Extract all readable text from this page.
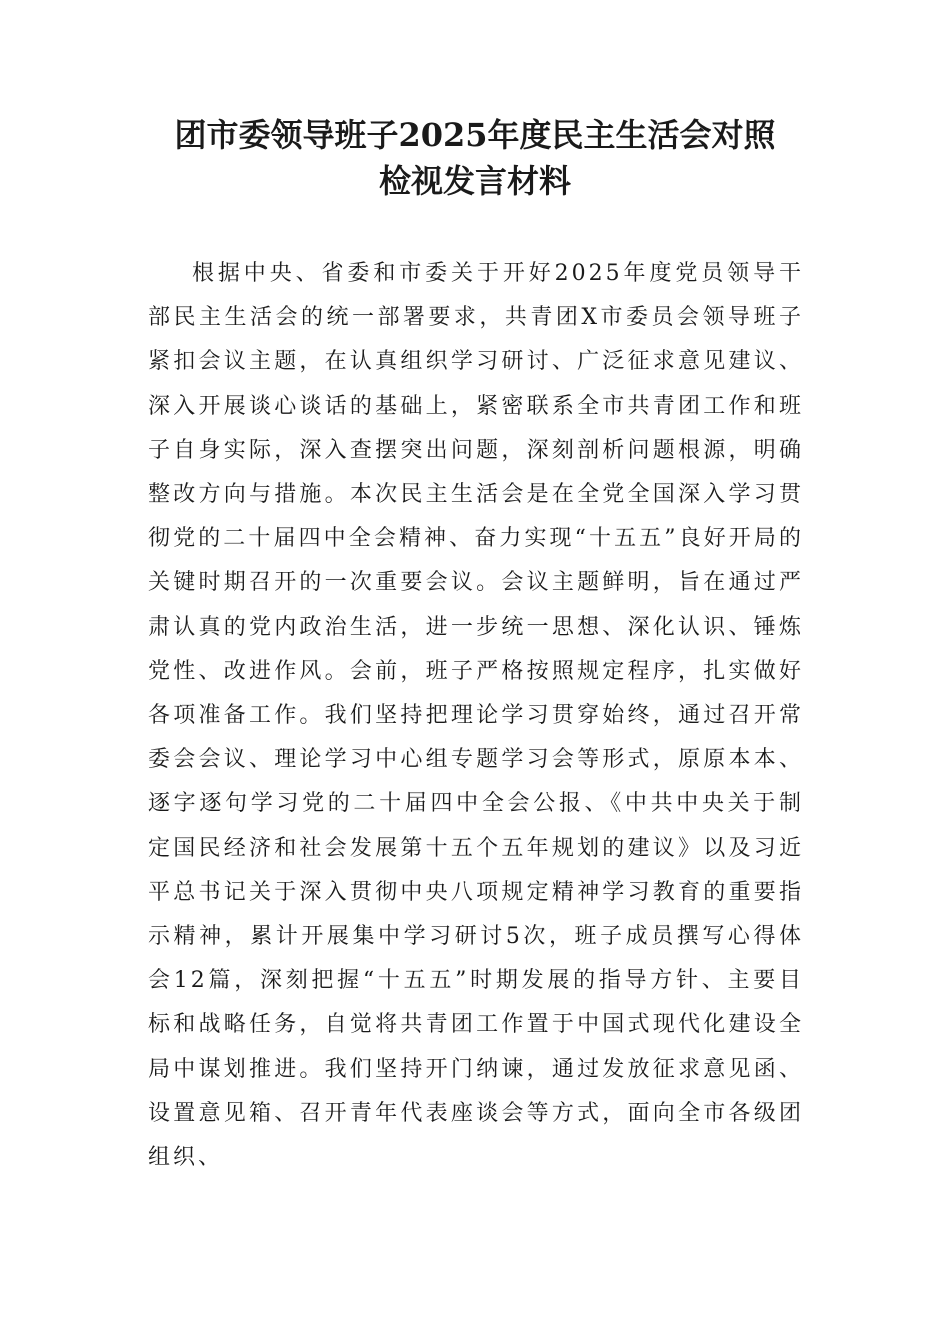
团市委领导班子2025年度民主生活会对照
检视发言材料

根据中央、省委和市委关于开好2025年度党员领导干部民主生活会的统一部署要求，共青团X市委员会领导班子紧扣会议主题，在认真组织学习研讨、广泛征求意见建议、深入开展谈心谈话的基础上，紧密联系全市共青团工作和班子自身实际，深入查摆突出问题，深刻剖析问题根源，明确整改方向与措施。本次民主生活会是在全党全国深入学习贯彻党的二十届四中全会精神、奋力实现“十五五”良好开局的关键时期召开的一次重要会议。会议主题鲜明，旨在通过严肃认真的党内政治生活，进一步统一思想、深化认识、锤炼党性、改进作风。会前，班子严格按照规定程序，扎实做好各项准备工作。我们坚持把理论学习贯穿始终，通过召开常委会会议、理论学习中心组专题学习会等形式，原原本本、逐字逐句学习党的二十届四中全会公报、《中共中央关于制定国民经济和社会发展第十五个五年规划的建议》以及习近平总书记关于深入贯彻中央八项规定精神学习教育的重要指示精神，累计开展集中学习研讨5次，班子成员撰写心得体会12篇，深刻把握“十五五”时期发展的指导方针、主要目标和战略任务，自觉将共青团工作置于中国式现代化建设全局中谋划推进。我们坚持开门纳谏，通过发放征求意见函、设置意见箱、召开青年代表座谈会等方式，面向全市各级团组织、
